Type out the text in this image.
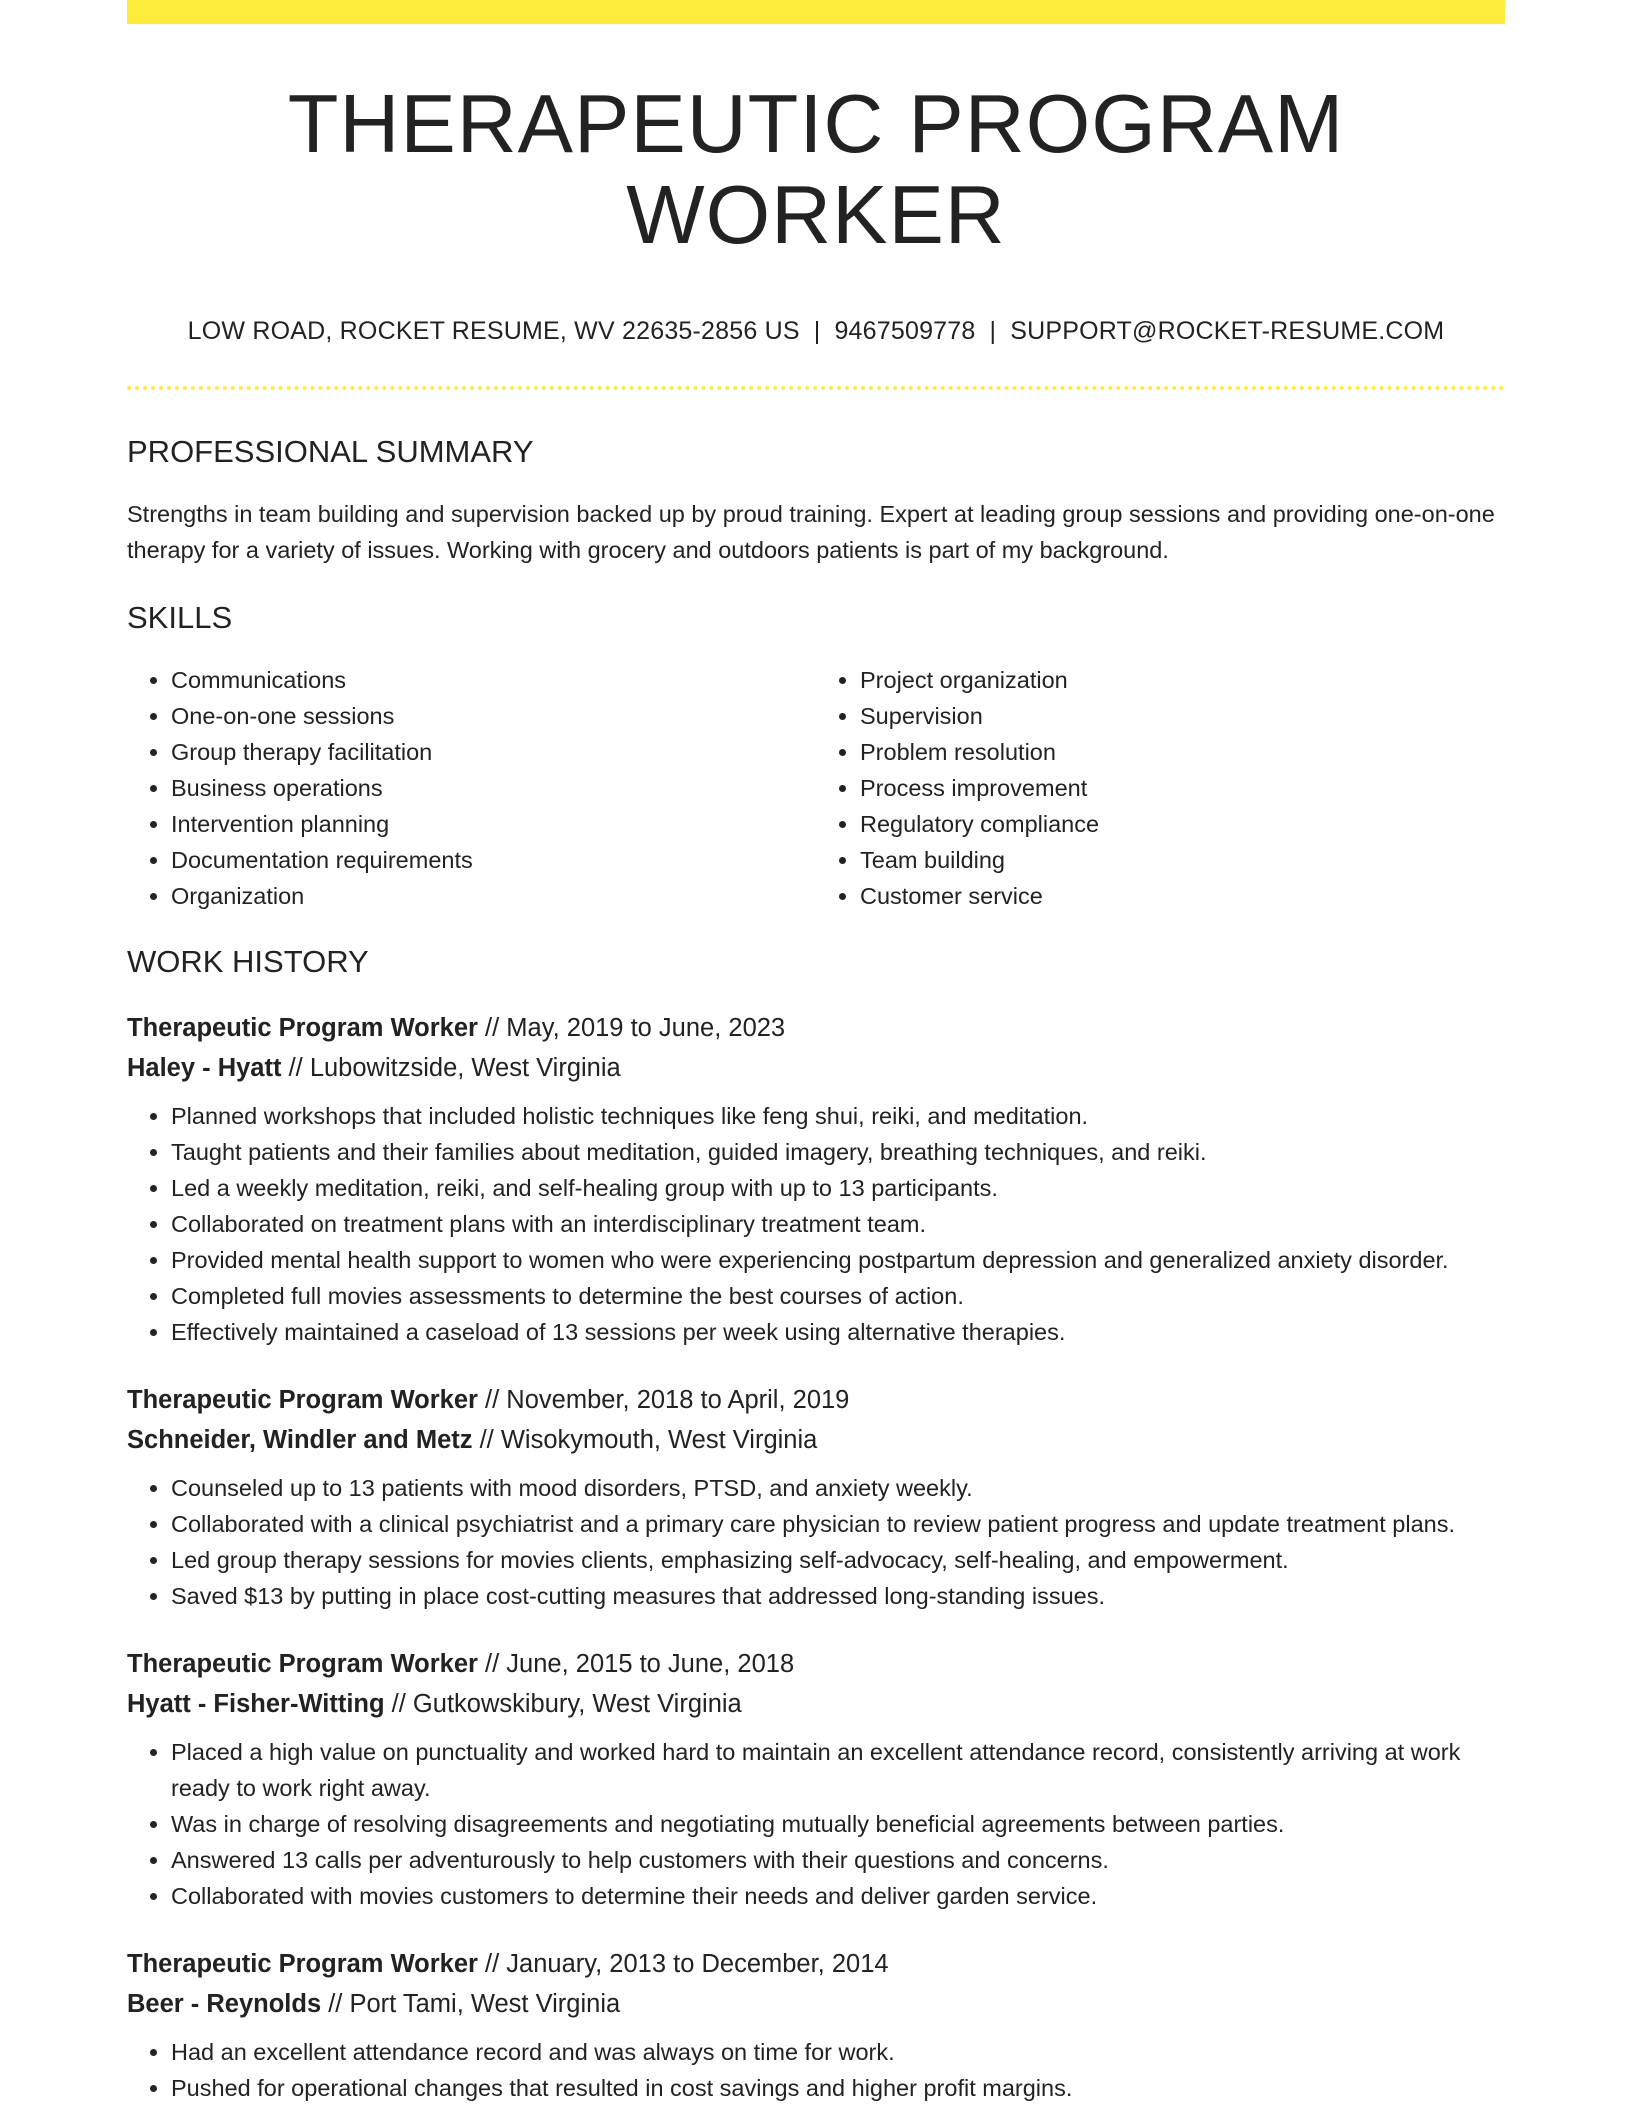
THERAPEUTIC PROGRAM WORKER
LOW ROAD, ROCKET RESUME, WV 22635-2856 US | 9467509778 | SUPPORT@ROCKET-RESUME.COM
PROFESSIONAL SUMMARY

Strengths in team building and supervision backed up by proud training. Expert at leading group sessions and providing one-on-one therapy for a variety of issues. Working with grocery and outdoors patients is part of my background.

SKILLS
• Communications
• One-on-one sessions
• Group therapy facilitation
• Business operations
• Intervention planning
• Documentation requirements
• Organization
• Project organization
• Supervision
• Problem resolution
• Process improvement
• Regulatory compliance
• Team building
• Customer service
WORK HISTORY
Therapeutic Program Worker // May, 2019 to June, 2023
Haley - Hyatt // Lubowitzside, West Virginia
• Planned workshops that included holistic techniques like feng shui, reiki, and meditation.
• Taught patients and their families about meditation, guided imagery, breathing techniques, and reiki.
• Led a weekly meditation, reiki, and self-healing group with up to 13 participants.
• Collaborated on treatment plans with an interdisciplinary treatment team.
• Provided mental health support to women who were experiencing postpartum depression and generalized anxiety disorder.
• Completed full movies assessments to determine the best courses of action.
• Effectively maintained a caseload of 13 sessions per week using alternative therapies.
Therapeutic Program Worker // November, 2018 to April, 2019
Schneider, Windler and Metz // Wisokymouth, West Virginia
• Counseled up to 13 patients with mood disorders, PTSD, and anxiety weekly.
• Collaborated with a clinical psychiatrist and a primary care physician to review patient progress and update treatment plans.
• Led group therapy sessions for movies clients, emphasizing self-advocacy, self-healing, and empowerment.
• Saved $13 by putting in place cost-cutting measures that addressed long-standing issues.
Therapeutic Program Worker // June, 2015 to June, 2018
Hyatt - Fisher-Witting // Gutkowskibury, West Virginia
• Placed a high value on punctuality and worked hard to maintain an excellent attendance record, consistently arriving at work ready to work right away.
• Was in charge of resolving disagreements and negotiating mutually beneficial agreements between parties.
• Answered 13 calls per adventurously to help customers with their questions and concerns.
• Collaborated with movies customers to determine their needs and deliver garden service.
Therapeutic Program Worker // January, 2013 to December, 2014
Beer - Reynolds // Port Tami, West Virginia
• Had an excellent attendance record and was always on time for work.
• Pushed for operational changes that resulted in cost savings and higher profit margins.
